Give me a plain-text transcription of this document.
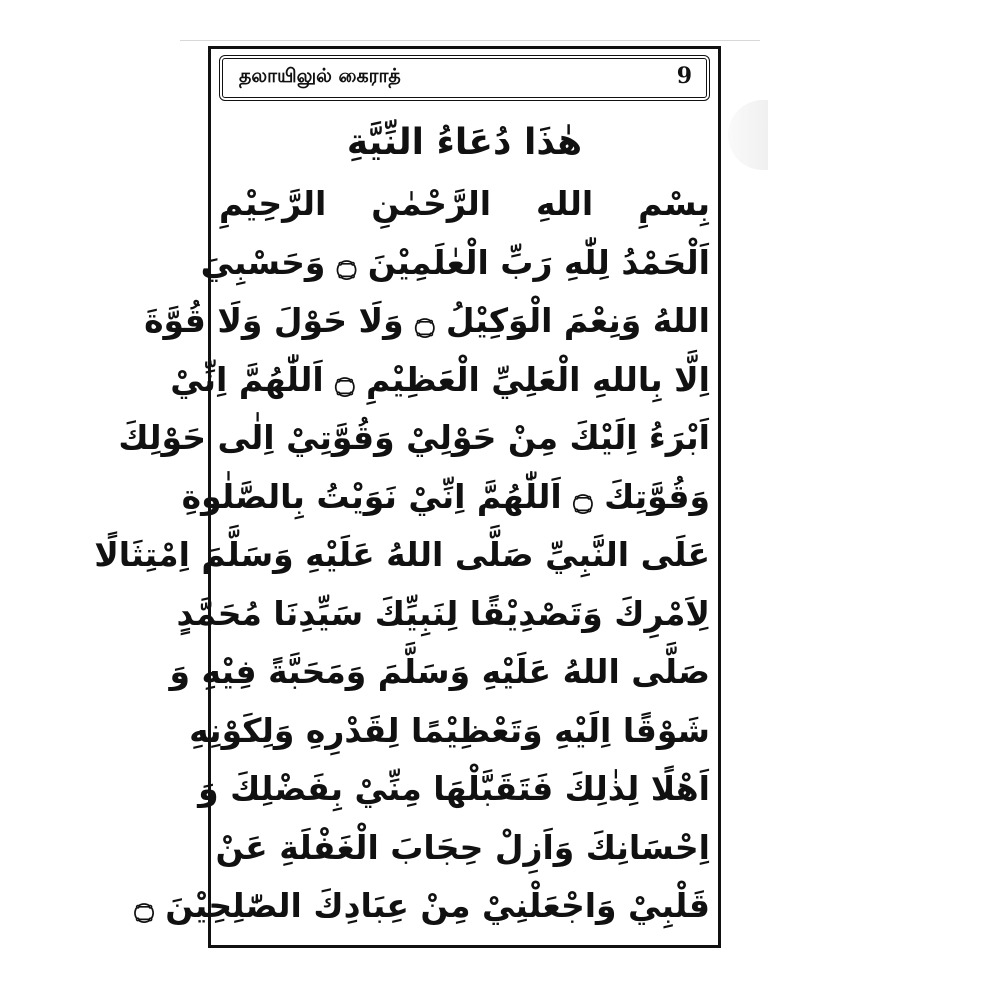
தலாயிலுல் கைராத்	9
هٰذَا دُعَاءُ النِّيَّةِ
بِسْمِ اللهِ الرَّحْمٰنِ الرَّحِيْمِ
اَلْحَمْدُ لِلّٰهِ رَبِّ الْعٰلَمِيْنَ ۝ وَحَسْبِيَ
اللهُ وَنِعْمَ الْوَكِيْلُ ۝ وَلَا حَوْلَ وَلَا قُوَّةَ
اِلَّا بِاللهِ الْعَلِيِّ الْعَظِيْمِ ۝ اَللّٰهُمَّ اِنِّيْ
اَبْرَءُ اِلَيْكَ مِنْ حَوْلِيْ وَقُوَّتِيْ اِلٰى حَوْلِكَ
وَقُوَّتِكَ ۝ اَللّٰهُمَّ اِنِّيْ نَوَيْتُ بِالصَّلٰوةِ
عَلَى النَّبِيِّ صَلَّى اللهُ عَلَيْهِ وَسَلَّمَ اِمْتِثَالًا
لِاَمْرِكَ وَتَصْدِيْقًا لِنَبِيِّكَ سَيِّدِنَا مُحَمَّدٍ
صَلَّى اللهُ عَلَيْهِ وَسَلَّمَ وَمَحَبَّةً فِيْهِ وَ
شَوْقًا اِلَيْهِ وَتَعْظِيْمًا لِقَدْرِهِ وَلِكَوْنِهِ
اَهْلًا لِذٰلِكَ فَتَقَبَّلْهَا مِنِّيْ بِفَضْلِكَ وَ
اِحْسَانِكَ وَاَزِلْ حِجَابَ الْغَفْلَةِ عَنْ
قَلْبِيْ وَاجْعَلْنِيْ مِنْ عِبَادِكَ الصّٰلِحِيْنَ ۝
